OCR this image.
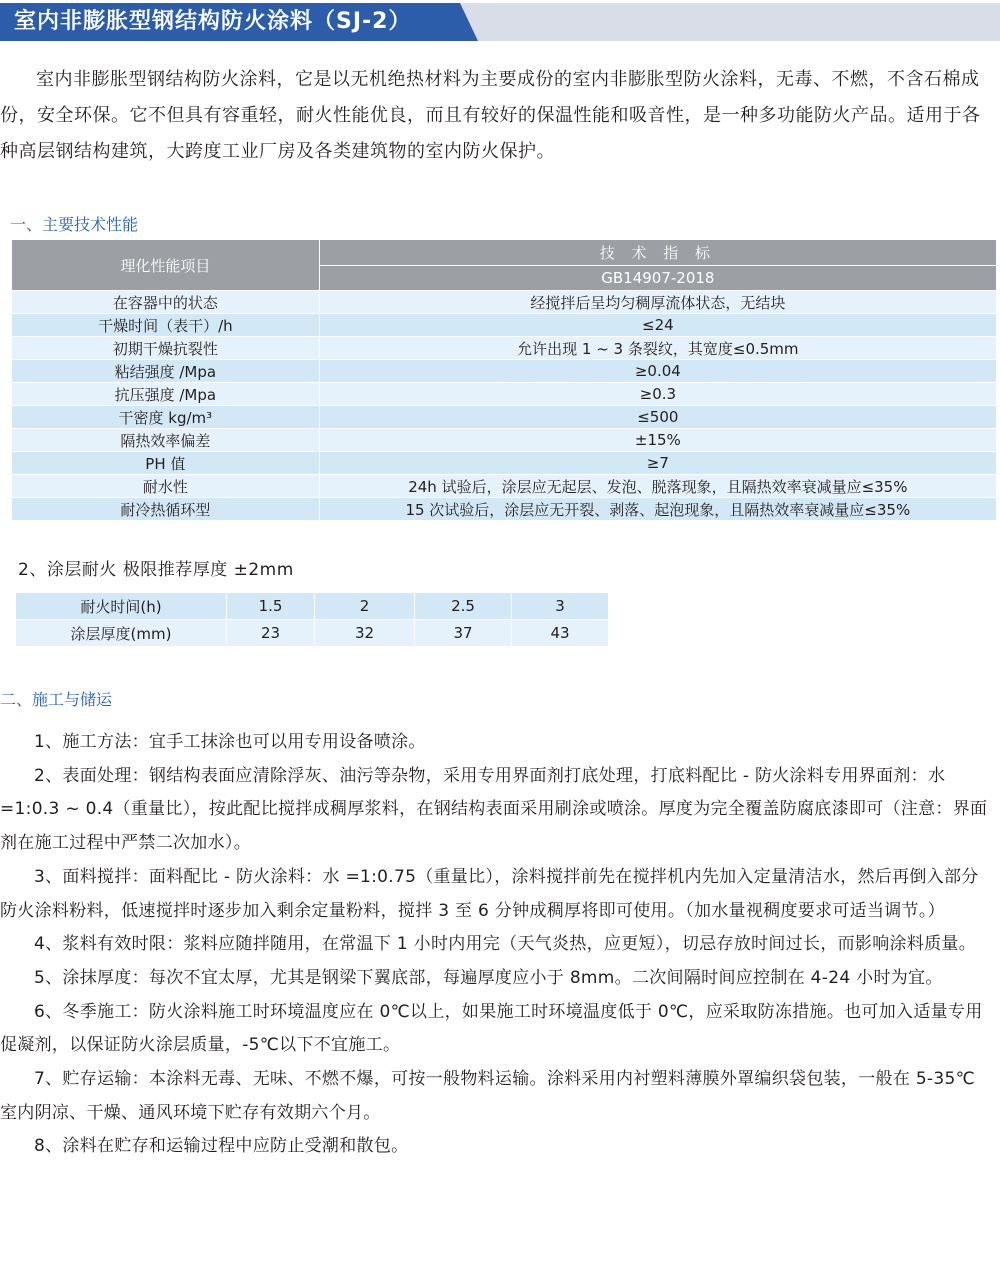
室内非膨胀型钢结构防火涂料（SJ-2）

室内非膨胀型钢结构防火涂料，它是以无机绝热材料为主要成份的室内非膨胀型防火涂料，无毒、不燃，不含石棉成份，安全环保。它不但具有容重轻，耐火性能优良，而且有较好的保温性能和吸音性，是一种多功能防火产品。适用于各种高层钢结构建筑，大跨度工业厂房及各类建筑物的室内防火保护。

一、主要技术性能
理化性能项目	技 术 指 标
	GB14907-2018
在容器中的状态	经搅拌后呈均匀稠厚流体状态，无结块
干燥时间（表干）/h	≤24
初期干燥抗裂性	允许出现 1 ~ 3 条裂纹，其宽度≤0.5mm
粘结强度 /Mpa	≥0.04
抗压强度 /Mpa	≥0.3
干密度 kg/m³	≤500
隔热效率偏差	±15%
PH 值	≥7
耐水性	24h 试验后，涂层应无起层、发泡、脱落现象，且隔热效率衰减量应≤35%
耐冷热循环型	15 次试验后，涂层应无开裂、剥落、起泡现象，且隔热效率衰减量应≤35%
2、涂层耐火 极限推荐厚度 ±2mm
耐火时间(h)	1.5	2	2.5	3
涂层厚度(mm)	23	32	37	43
二、施工与储运

1、施工方法：宜手工抹涂也可以用专用设备喷涂。

2、表面处理：钢结构表面应清除浮灰、油污等杂物，采用专用界面剂打底处理，打底料配比 - 防火涂料专用界面剂：水 =1:0.3 ~ 0.4（重量比），按此配比搅拌成稠厚浆料，在钢结构表面采用刷涂或喷涂。厚度为完全覆盖防腐底漆即可（注意：界面剂在施工过程中严禁二次加水）。

3、面料搅拌：面料配比 - 防火涂料：水 =1:0.75（重量比），涂料搅拌前先在搅拌机内先加入定量清洁水，然后再倒入部分防火涂料粉料，低速搅拌时逐步加入剩余定量粉料，搅拌 3 至 6 分钟成稠厚将即可使用。（加水量视稠度要求可适当调节。）

4、浆料有效时限：浆料应随拌随用，在常温下 1 小时内用完（天气炎热，应更短），切忌存放时间过长，而影响涂料质量。

5、涂抹厚度：每次不宜太厚，尤其是钢梁下翼底部，每遍厚度应小于 8mm。二次间隔时间应控制在 4-24 小时为宜。

6、冬季施工：防火涂料施工时环境温度应在 0℃以上，如果施工时环境温度低于 0℃，应采取防冻措施。也可加入适量专用促凝剂，以保证防火涂层质量，-5℃以下不宜施工。

7、贮存运输：本涂料无毒、无味、不燃不爆，可按一般物料运输。涂料采用内衬塑料薄膜外罩编织袋包装，一般在 5-35℃室内阴凉、干燥、通风环境下贮存有效期六个月。

8、涂料在贮存和运输过程中应防止受潮和散包。
